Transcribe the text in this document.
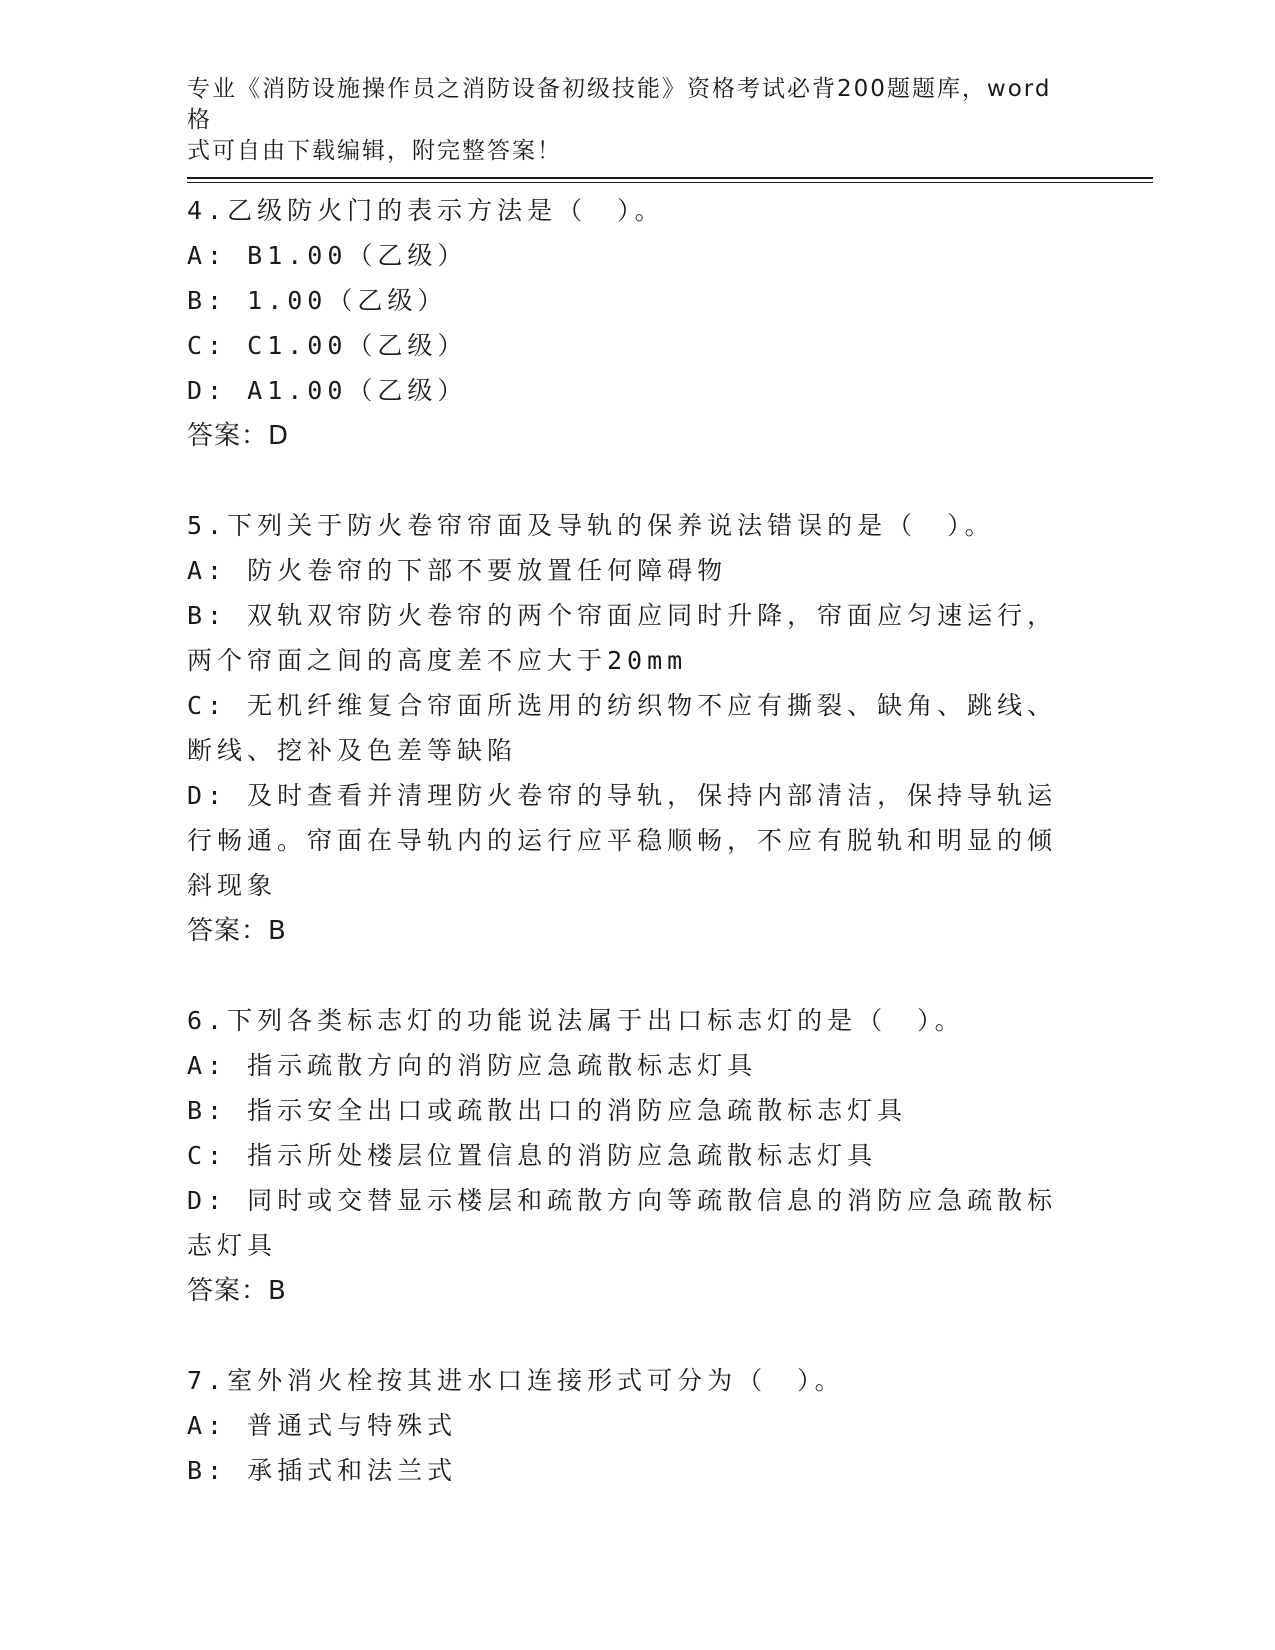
专业《消防设施操作员之消防设备初级技能》资格考试必背200题题库，word格
式可自由下载编辑，附完整答案！
4.乙级防火门的表示方法是（　）。
A: B1.00（乙级）
B: 1.00（乙级）
C: C1.00（乙级）
D: A1.00（乙级）
答案：D
5.下列关于防火卷帘帘面及导轨的保养说法错误的是（　）。
A: 防火卷帘的下部不要放置任何障碍物
B: 双轨双帘防火卷帘的两个帘面应同时升降，帘面应匀速运行，两个帘面之间的高度差不应大于20mm
C: 无机纤维复合帘面所选用的纺织物不应有撕裂、缺角、跳线、断线、挖补及色差等缺陷
D: 及时查看并清理防火卷帘的导轨，保持内部清洁，保持导轨运行畅通。帘面在导轨内的运行应平稳顺畅，不应有脱轨和明显的倾斜现象
答案：B
6.下列各类标志灯的功能说法属于出口标志灯的是（　）。
A: 指示疏散方向的消防应急疏散标志灯具
B: 指示安全出口或疏散出口的消防应急疏散标志灯具
C: 指示所处楼层位置信息的消防应急疏散标志灯具
D: 同时或交替显示楼层和疏散方向等疏散信息的消防应急疏散标志灯具
答案：B
7.室外消火栓按其进水口连接形式可分为（　）。
A: 普通式与特殊式
B: 承插式和法兰式
